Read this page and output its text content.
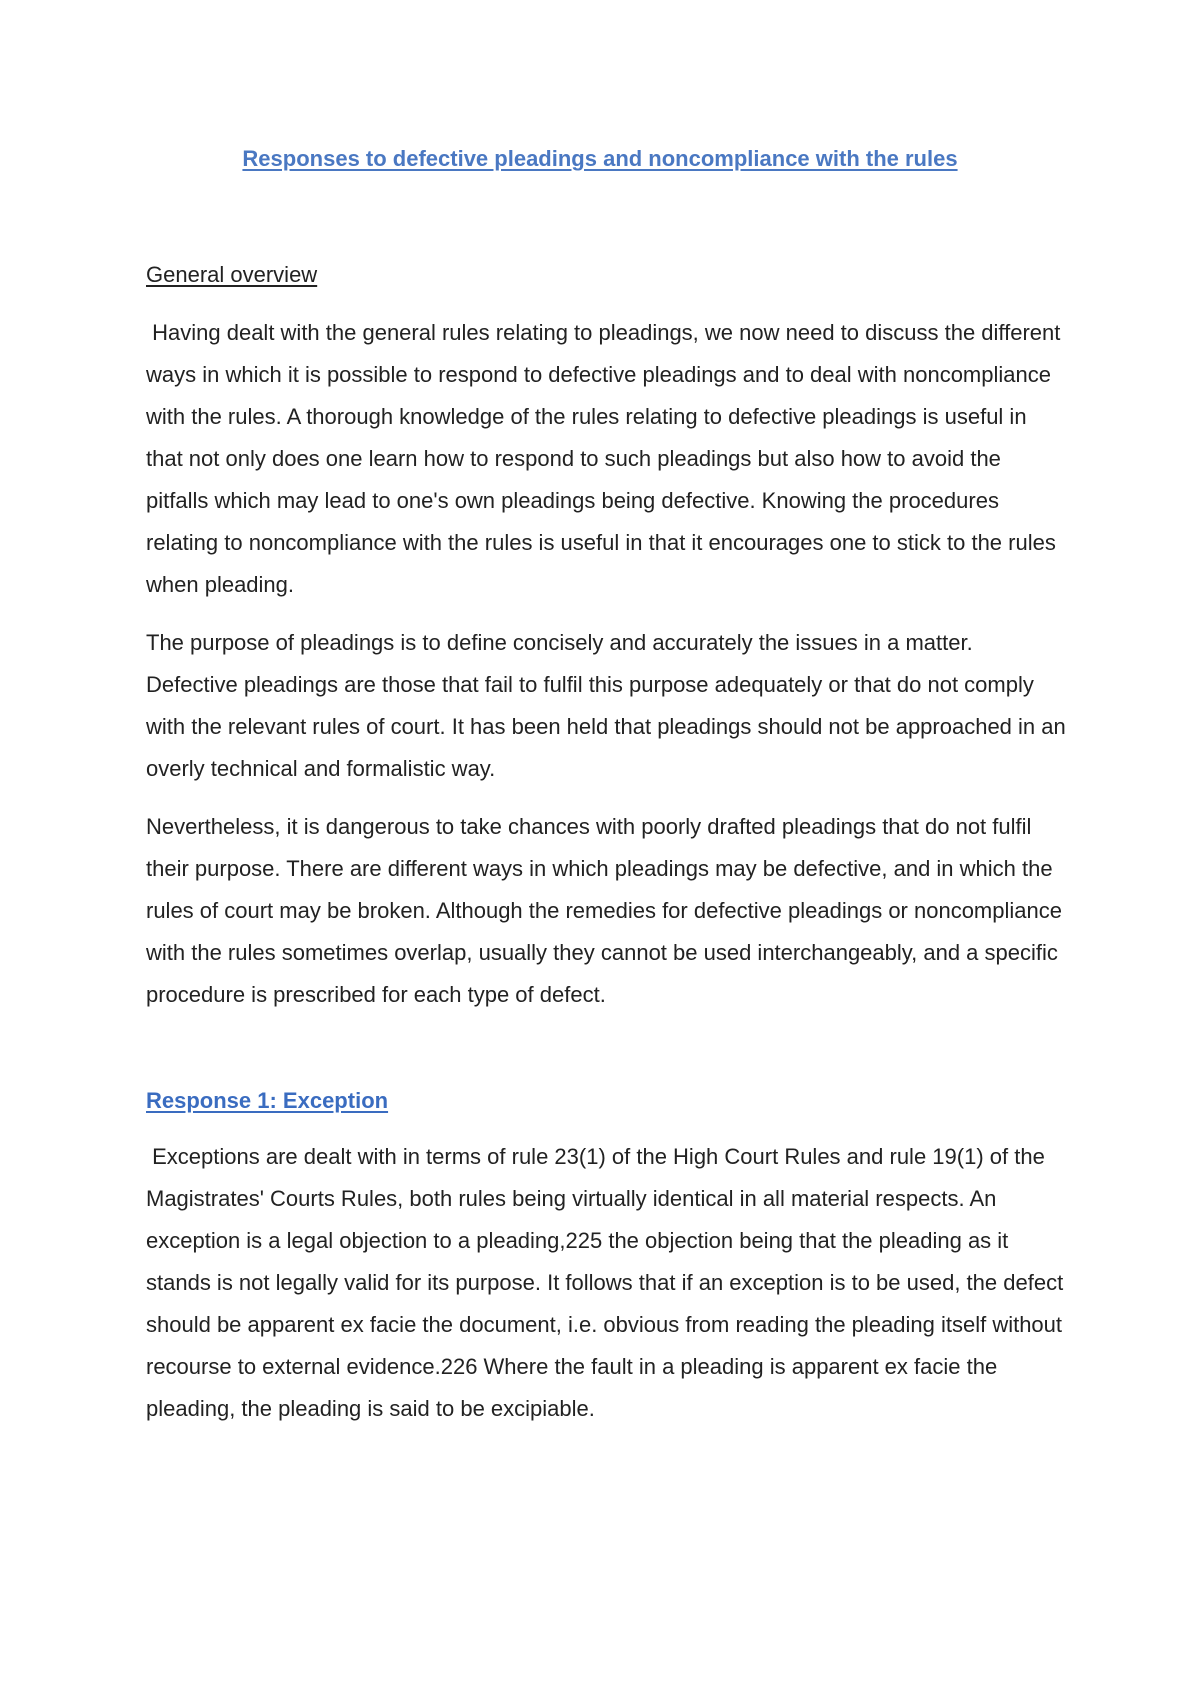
Responses to defective pleadings and noncompliance with the rules
General overview

Having dealt with the general rules relating to pleadings, we now need to discuss the different ways in which it is possible to respond to defective pleadings and to deal with noncompliance with the rules. A thorough knowledge of the rules relating to defective pleadings is useful in that not only does one learn how to respond to such pleadings but also how to avoid the pitfalls which may lead to one's own pleadings being defective. Knowing the procedures relating to noncompliance with the rules is useful in that it encourages one to stick to the rules when pleading.

The purpose of pleadings is to define concisely and accurately the issues in a matter. Defective pleadings are those that fail to fulfil this purpose adequately or that do not comply with the relevant rules of court. It has been held that pleadings should not be approached in an overly technical and formalistic way.

Nevertheless, it is dangerous to take chances with poorly drafted pleadings that do not fulfil their purpose. There are different ways in which pleadings may be defective, and in which the rules of court may be broken. Although the remedies for defective pleadings or noncompliance with the rules sometimes overlap, usually they cannot be used interchangeably, and a specific procedure is prescribed for each type of defect.

Response 1: Exception

Exceptions are dealt with in terms of rule 23(1) of the High Court Rules and rule 19(1) of the Magistrates' Courts Rules, both rules being virtually identical in all material respects. An exception is a legal objection to a pleading,225 the objection being that the pleading as it stands is not legally valid for its purpose. It follows that if an exception is to be used, the defect should be apparent ex facie the document, i.e. obvious from reading the pleading itself without recourse to external evidence.226 Where the fault in a pleading is apparent ex facie the pleading, the pleading is said to be excipiable.
